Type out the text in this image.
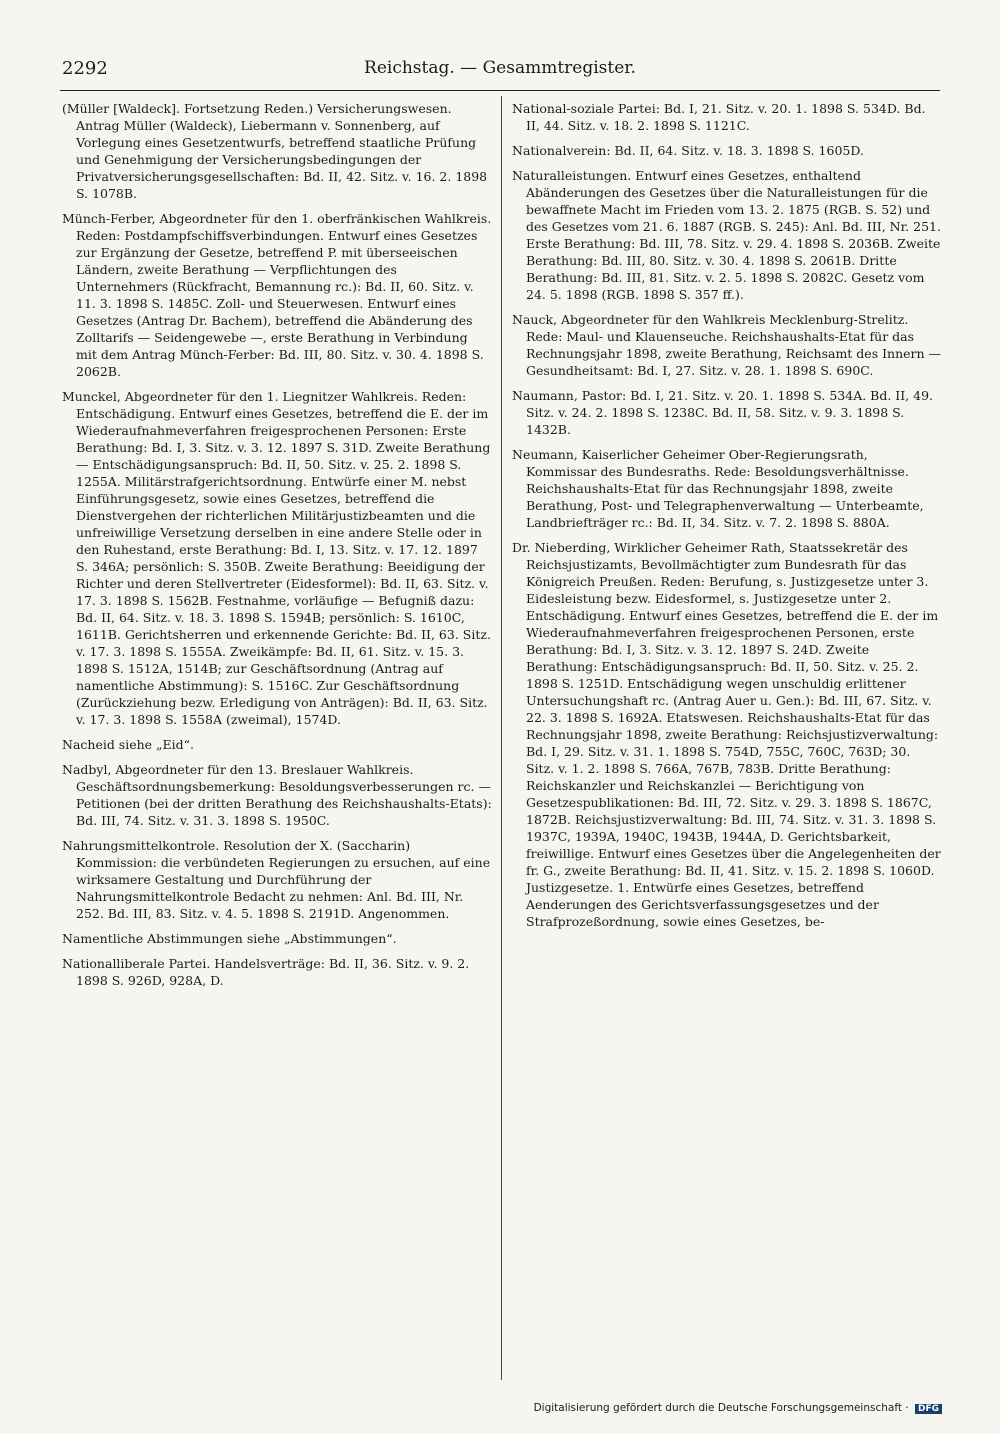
2292	Reichstag. — Gesammtregister.

(Müller [Waldeck]. Fortsetzung Reden.) Versicherungswesen. Antrag Müller (Waldeck), Liebermann v. Sonnenberg, auf Vorlegung eines Gesetzentwurfs, betreffend staatliche Prüfung und Genehmigung der Versicherungsbedingungen der Privatversicherungsgesellschaften: Bd. II, 42. Sitz. v. 16. 2. 1898 S. 1078B.

Münch-Ferber, Abgeordneter für den 1. oberfränkischen Wahlkreis. Reden: Postdampfschiffsverbindungen. Entwurf eines Gesetzes zur Ergänzung der Gesetze, betreffend P. mit überseeischen Ländern, zweite Berathung — Verpflichtungen des Unternehmers (Rückfracht, Bemannung rc.): Bd. II, 60. Sitz. v. 11. 3. 1898 S. 1485C. Zoll- und Steuerwesen. Entwurf eines Gesetzes (Antrag Dr. Bachem), betreffend die Abänderung des Zolltarifs — Seidengewebe —, erste Berathung in Verbindung mit dem Antrag Münch-Ferber: Bd. III, 80. Sitz. v. 30. 4. 1898 S. 2062B.

Munckel, Abgeordneter für den 1. Liegnitzer Wahlkreis. Reden: Entschädigung. Entwurf eines Gesetzes, betreffend die E. der im Wiederaufnahmeverfahren freigesprochenen Personen: Erste Berathung: Bd. I, 3. Sitz. v. 3. 12. 1897 S. 31D. Zweite Berathung — Entschädigungsanspruch: Bd. II, 50. Sitz. v. 25. 2. 1898 S. 1255A. Militärstrafgerichtsordnung. Entwürfe einer M. nebst Einführungsgesetz, sowie eines Gesetzes, betreffend die Dienstvergehen der richterlichen Militärjustizbeamten und die unfreiwillige Versetzung derselben in eine andere Stelle oder in den Ruhestand, erste Berathung: Bd. I, 13. Sitz. v. 17. 12. 1897 S. 346A; persönlich: S. 350B. Zweite Berathung: Beeidigung der Richter und deren Stellvertreter (Eidesformel): Bd. II, 63. Sitz. v. 17. 3. 1898 S. 1562B. Festnahme, vorläufige — Befugniß dazu: Bd. II, 64. Sitz. v. 18. 3. 1898 S. 1594B; persönlich: S. 1610C, 1611B. Gerichtsherren und erkennende Gerichte: Bd. II, 63. Sitz. v. 17. 3. 1898 S. 1555A. Zweikämpfe: Bd. II, 61. Sitz. v. 15. 3. 1898 S. 1512A, 1514B; zur Geschäftsordnung (Antrag auf namentliche Abstimmung): S. 1516C. Zur Geschäftsordnung (Zurückziehung bezw. Erledigung von Anträgen): Bd. II, 63. Sitz. v. 17. 3. 1898 S. 1558A (zweimal), 1574D.

Nacheid siehe „Eid“.

Nadbyl, Abgeordneter für den 13. Breslauer Wahlkreis. Geschäftsordnungsbemerkung: Besoldungsverbesserungen rc. — Petitionen (bei der dritten Berathung des Reichshaushalts-Etats): Bd. III, 74. Sitz. v. 31. 3. 1898 S. 1950C.

Nahrungsmittelkontrole. Resolution der X. (Saccharin) Kommission: die verbündeten Regierungen zu ersuchen, auf eine wirksamere Gestaltung und Durchführung der Nahrungsmittelkontrole Bedacht zu nehmen: Anl. Bd. III, Nr. 252. Bd. III, 83. Sitz. v. 4. 5. 1898 S. 2191D. Angenommen.

Namentliche Abstimmungen siehe „Abstimmungen“.

Nationalliberale Partei. Handelsverträge: Bd. II, 36. Sitz. v. 9. 2. 1898 S. 926D, 928A, D.

National-soziale Partei: Bd. I, 21. Sitz. v. 20. 1. 1898 S. 534D. Bd. II, 44. Sitz. v. 18. 2. 1898 S. 1121C.

Nationalverein: Bd. II, 64. Sitz. v. 18. 3. 1898 S. 1605D.

Naturalleistungen. Entwurf eines Gesetzes, enthaltend Abänderungen des Gesetzes über die Naturalleistungen für die bewaffnete Macht im Frieden vom 13. 2. 1875 (RGB. S. 52) und des Gesetzes vom 21. 6. 1887 (RGB. S. 245): Anl. Bd. III, Nr. 251. Erste Berathung: Bd. III, 78. Sitz. v. 29. 4. 1898 S. 2036B. Zweite Berathung: Bd. III, 80. Sitz. v. 30. 4. 1898 S. 2061B. Dritte Berathung: Bd. III, 81. Sitz. v. 2. 5. 1898 S. 2082C. Gesetz vom 24. 5. 1898 (RGB. 1898 S. 357 ff.).

Nauck, Abgeordneter für den Wahlkreis Mecklenburg-Strelitz. Rede: Maul- und Klauenseuche. Reichshaushalts-Etat für das Rechnungsjahr 1898, zweite Berathung, Reichsamt des Innern — Gesundheitsamt: Bd. I, 27. Sitz. v. 28. 1. 1898 S. 690C.

Naumann, Pastor: Bd. I, 21. Sitz. v. 20. 1. 1898 S. 534A. Bd. II, 49. Sitz. v. 24. 2. 1898 S. 1238C. Bd. II, 58. Sitz. v. 9. 3. 1898 S. 1432B.

Neumann, Kaiserlicher Geheimer Ober-Regierungsrath, Kommissar des Bundesraths. Rede: Besoldungsverhältnisse. Reichshaushalts-Etat für das Rechnungsjahr 1898, zweite Berathung, Post- und Telegraphenverwaltung — Unterbeamte, Landbriefträger rc.: Bd. II, 34. Sitz. v. 7. 2. 1898 S. 880A.

Dr. Nieberding, Wirklicher Geheimer Rath, Staatssekretär des Reichsjustizamts, Bevollmächtigter zum Bundesrath für das Königreich Preußen. Reden: Berufung, s. Justizgesetze unter 3. Eidesleistung bezw. Eidesformel, s. Justizgesetze unter 2. Entschädigung. Entwurf eines Gesetzes, betreffend die E. der im Wiederaufnahmeverfahren freigesprochenen Personen, erste Berathung: Bd. I, 3. Sitz. v. 3. 12. 1897 S. 24D. Zweite Berathung: Entschädigungsanspruch: Bd. II, 50. Sitz. v. 25. 2. 1898 S. 1251D. Entschädigung wegen unschuldig erlittener Untersuchungshaft rc. (Antrag Auer u. Gen.): Bd. III, 67. Sitz. v. 22. 3. 1898 S. 1692A. Etatswesen. Reichshaushalts-Etat für das Rechnungsjahr 1898, zweite Berathung: Reichsjustizverwaltung: Bd. I, 29. Sitz. v. 31. 1. 1898 S. 754D, 755C, 760C, 763D; 30. Sitz. v. 1. 2. 1898 S. 766A, 767B, 783B. Dritte Berathung: Reichskanzler und Reichskanzlei — Berichtigung von Gesetzespublikationen: Bd. III, 72. Sitz. v. 29. 3. 1898 S. 1867C, 1872B. Reichsjustizverwaltung: Bd. III, 74. Sitz. v. 31. 3. 1898 S. 1937C, 1939A, 1940C, 1943B, 1944A, D. Gerichtsbarkeit, freiwillige. Entwurf eines Gesetzes über die Angelegenheiten der fr. G., zweite Berathung: Bd. II, 41. Sitz. v. 15. 2. 1898 S. 1060D. Justizgesetze. 1. Entwürfe eines Gesetzes, betreffend Aenderungen des Gerichtsverfassungsgesetzes und der Strafprozeßordnung, sowie eines Gesetzes, be-

Digitalisierung gefördert durch die Deutsche Forschungsgemeinschaft · DFG
